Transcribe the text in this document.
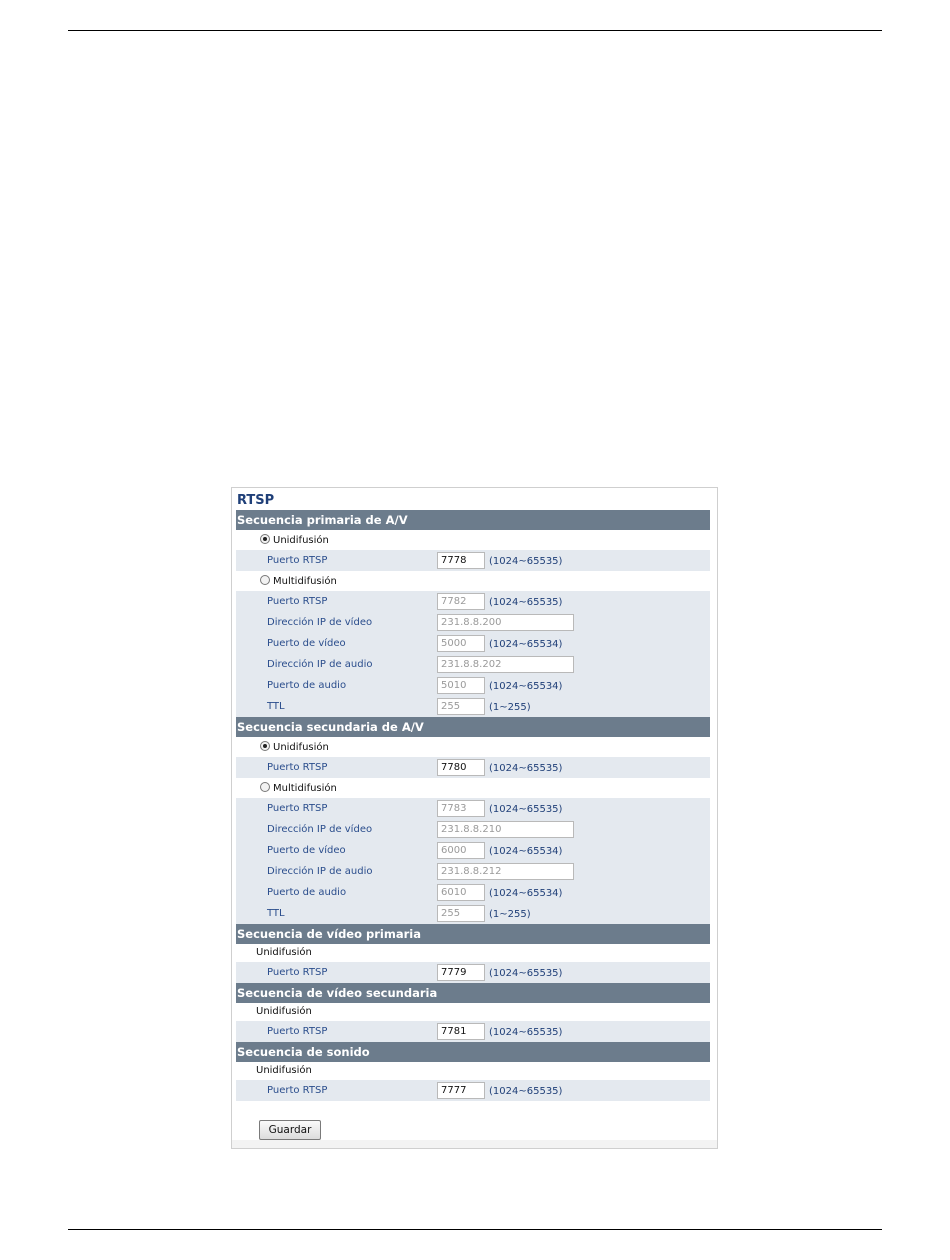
RTSP
Secuencia primaria de A/V
Unidifusión
Puerto RTSP	7778	(1024~65535)
Multidifusión
Puerto RTSP	7782	(1024~65535)
Dirección IP de vídeo	231.8.8.200
Puerto de vídeo	5000	(1024~65534)
Dirección IP de audio	231.8.8.202
Puerto de audio	5010	(1024~65534)
TTL	255	(1~255)
Secuencia secundaria de A/V
Unidifusión
Puerto RTSP	7780	(1024~65535)
Multidifusión
Puerto RTSP	7783	(1024~65535)
Dirección IP de vídeo	231.8.8.210
Puerto de vídeo	6000	(1024~65534)
Dirección IP de audio	231.8.8.212
Puerto de audio	6010	(1024~65534)
TTL	255	(1~255)
Secuencia de vídeo primaria
Unidifusión
Puerto RTSP	7779	(1024~65535)
Secuencia de vídeo secundaria
Unidifusión
Puerto RTSP	7781	(1024~65535)
Secuencia de sonido
Unidifusión
Puerto RTSP	7777	(1024~65535)
Guardar
